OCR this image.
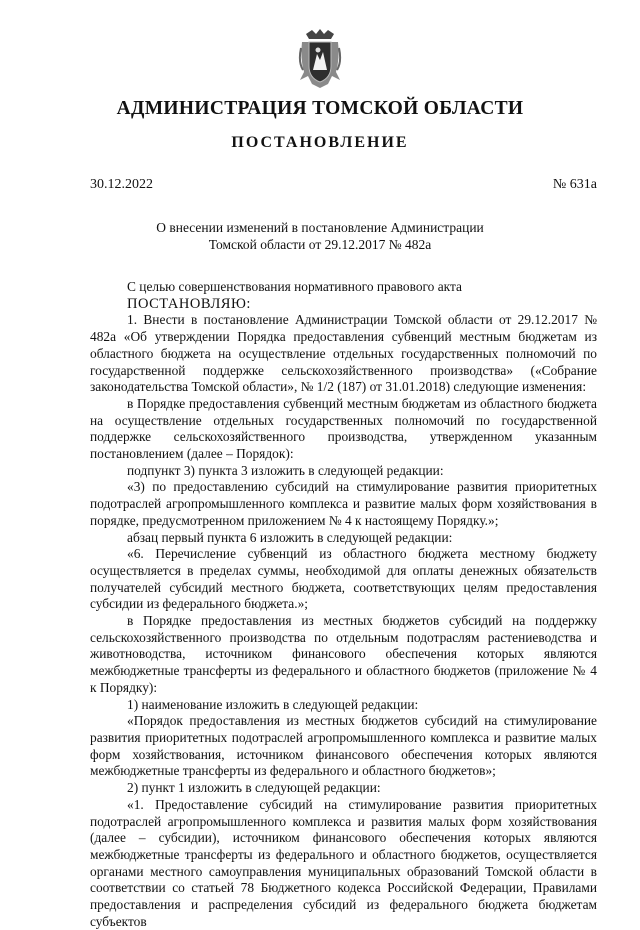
АДМИНИСТРАЦИЯ ТОМСКОЙ ОБЛАСТИ
ПОСТАНОВЛЕНИЕ
30.12.2022	№ 631а
О внесении изменений в постановление Администрации
Томской области от 29.12.2017 № 482а

С целью совершенствования нормативного правового акта

ПОСТАНОВЛЯЮ:

1. Внести в постановление Администрации Томской области от 29.12.2017 № 482а «Об утверждении Порядка предоставления субвенций местным бюджетам из областного бюджета на осуществление отдельных государственных полномочий по государственной поддержке сельскохозяйственного производства» («Собрание законодательства Томской области», № 1/2 (187) от 31.01.2018) следующие изменения:

в Порядке предоставления субвенций местным бюджетам из областного бюджета на осуществление отдельных государственных полномочий по государственной поддержке сельскохозяйственного производства, утвержденном указанным постановлением (далее – Порядок):

подпункт 3) пункта 3 изложить в следующей редакции:

«3) по предоставлению субсидий на стимулирование развития приоритетных подотраслей агропромышленного комплекса и развитие малых форм хозяйствования в порядке, предусмотренном приложением № 4 к настоящему Порядку.»;

абзац первый пункта 6 изложить в следующей редакции:

«6. Перечисление субвенций из областного бюджета местному бюджету осуществляется в пределах суммы, необходимой для оплаты денежных обязательств получателей субсидий местного бюджета, соответствующих целям предоставления субсидии из федерального бюджета.»;

в Порядке предоставления из местных бюджетов субсидий на поддержку сельскохозяйственного производства по отдельным подотраслям растениеводства и животноводства, источником финансового обеспечения которых являются межбюджетные трансферты из федерального и областного бюджетов (приложение № 4 к Порядку):

1) наименование изложить в следующей редакции:

«Порядок предоставления из местных бюджетов субсидий на стимулирование развития приоритетных подотраслей агропромышленного комплекса и развитие малых форм хозяйствования, источником финансового обеспечения которых являются межбюджетные трансферты из федерального и областного бюджетов»;

2) пункт 1 изложить в следующей редакции:

«1. Предоставление субсидий на стимулирование развития приоритетных подотраслей агропромышленного комплекса и развития малых форм хозяйствования (далее – субсидии), источником финансового обеспечения которых являются межбюджетные трансферты из федерального и областного бюджетов, осуществляется органами местного самоуправления муниципальных образований Томской области в соответствии со статьей 78 Бюджетного кодекса Российской Федерации, Правилами предоставления и распределения субсидий из федерального бюджета бюджетам субъектов
